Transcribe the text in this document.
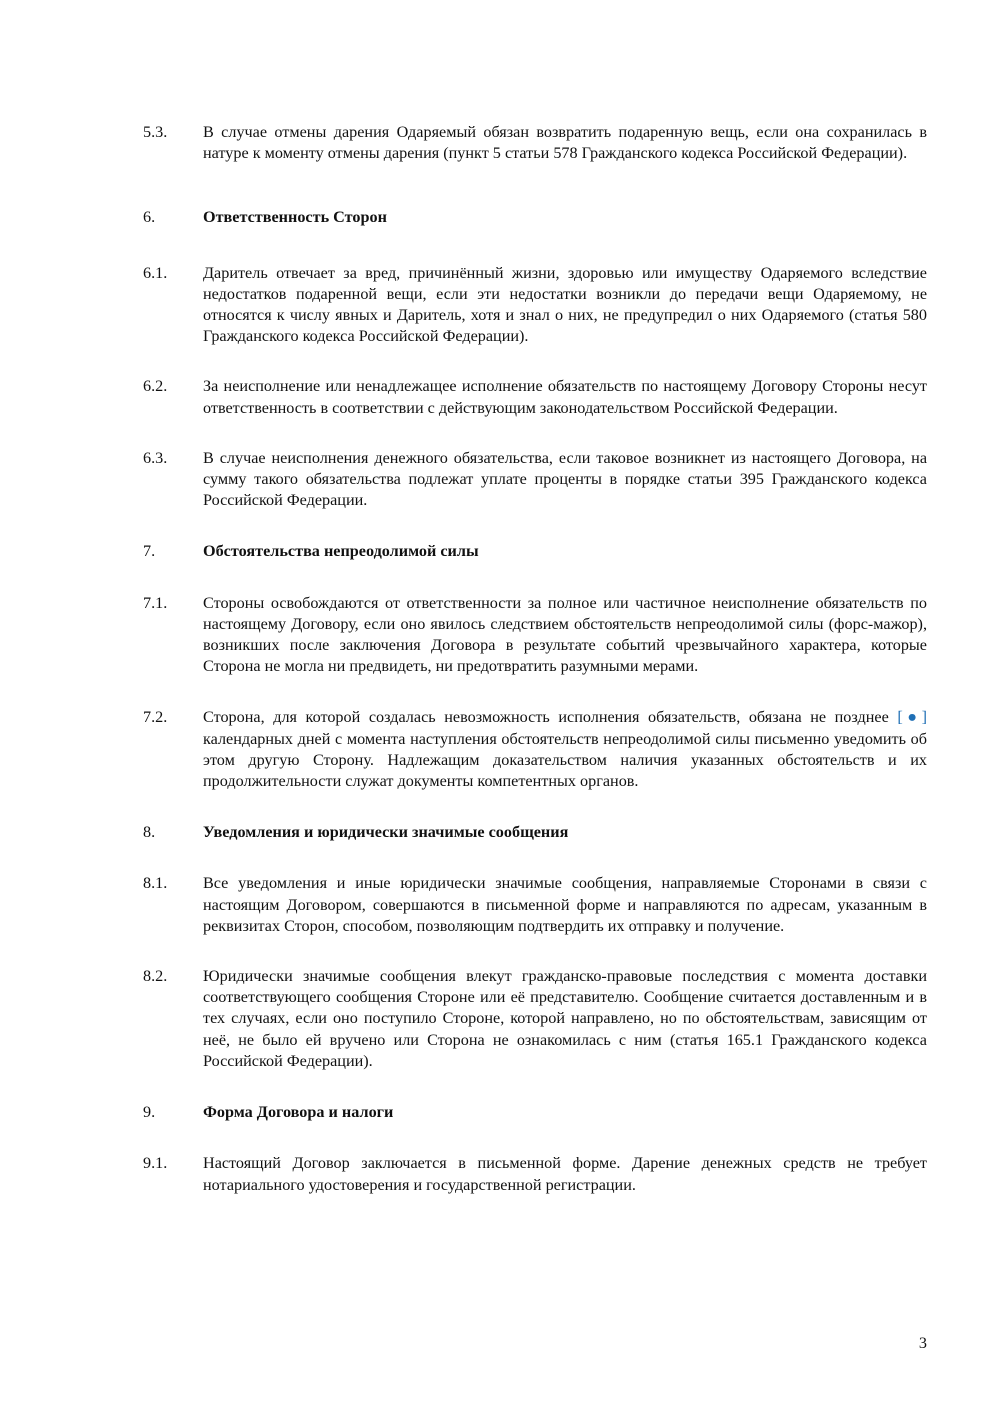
5.3.	В случае отмены дарения Одаряемый обязан возвратить подаренную вещь, если она сохранилась в натуре к моменту отмены дарения (пункт 5 статьи 578 Гражданского кодекса Российской Федерации).
6.	Ответственность Сторон
6.1.	Даритель отвечает за вред, причинённый жизни, здоровью или имуществу Одаряемого вследствие недостатков подаренной вещи, если эти недостатки возникли до передачи вещи Одаряемому, не относятся к числу явных и Даритель, хотя и знал о них, не предупредил о них Одаряемого (статья 580 Гражданского кодекса Российской Федерации).
6.2.	За неисполнение или ненадлежащее исполнение обязательств по настоящему Договору Стороны несут ответственность в соответствии с действующим законодательством Российской Федерации.
6.3.	В случае неисполнения денежного обязательства, если таковое возникнет из настоящего Договора, на сумму такого обязательства подлежат уплате проценты в порядке статьи 395 Гражданского кодекса Российской Федерации.
7.	Обстоятельства непреодолимой силы
7.1.	Стороны освобождаются от ответственности за полное или частичное неисполнение обязательств по настоящему Договору, если оно явилось следствием обстоятельств непреодолимой силы (форс-мажор), возникших после заключения Договора в результате событий чрезвычайного характера, которые Сторона не могла ни предвидеть, ни предотвратить разумными мерами.
7.2.	Сторона, для которой создалась невозможность исполнения обязательств, обязана не позднее [●] календарных дней с момента наступления обстоятельств непреодолимой силы письменно уведомить об этом другую Сторону. Надлежащим доказательством наличия указанных обстоятельств и их продолжительности служат документы компетентных органов.
8.	Уведомления и юридически значимые сообщения
8.1.	Все уведомления и иные юридически значимые сообщения, направляемые Сторонами в связи с настоящим Договором, совершаются в письменной форме и направляются по адресам, указанным в реквизитах Сторон, способом, позволяющим подтвердить их отправку и получение.
8.2.	Юридически значимые сообщения влекут гражданско-правовые последствия с момента доставки соответствующего сообщения Стороне или её представителю. Сообщение считается доставленным и в тех случаях, если оно поступило Стороне, которой направлено, но по обстоятельствам, зависящим от неё, не было ей вручено или Сторона не ознакомилась с ним (статья 165.1 Гражданского кодекса Российской Федерации).
9.	Форма Договора и налоги
9.1.	Настоящий Договор заключается в письменной форме. Дарение денежных средств не требует нотариального удостоверения и государственной регистрации.
3
